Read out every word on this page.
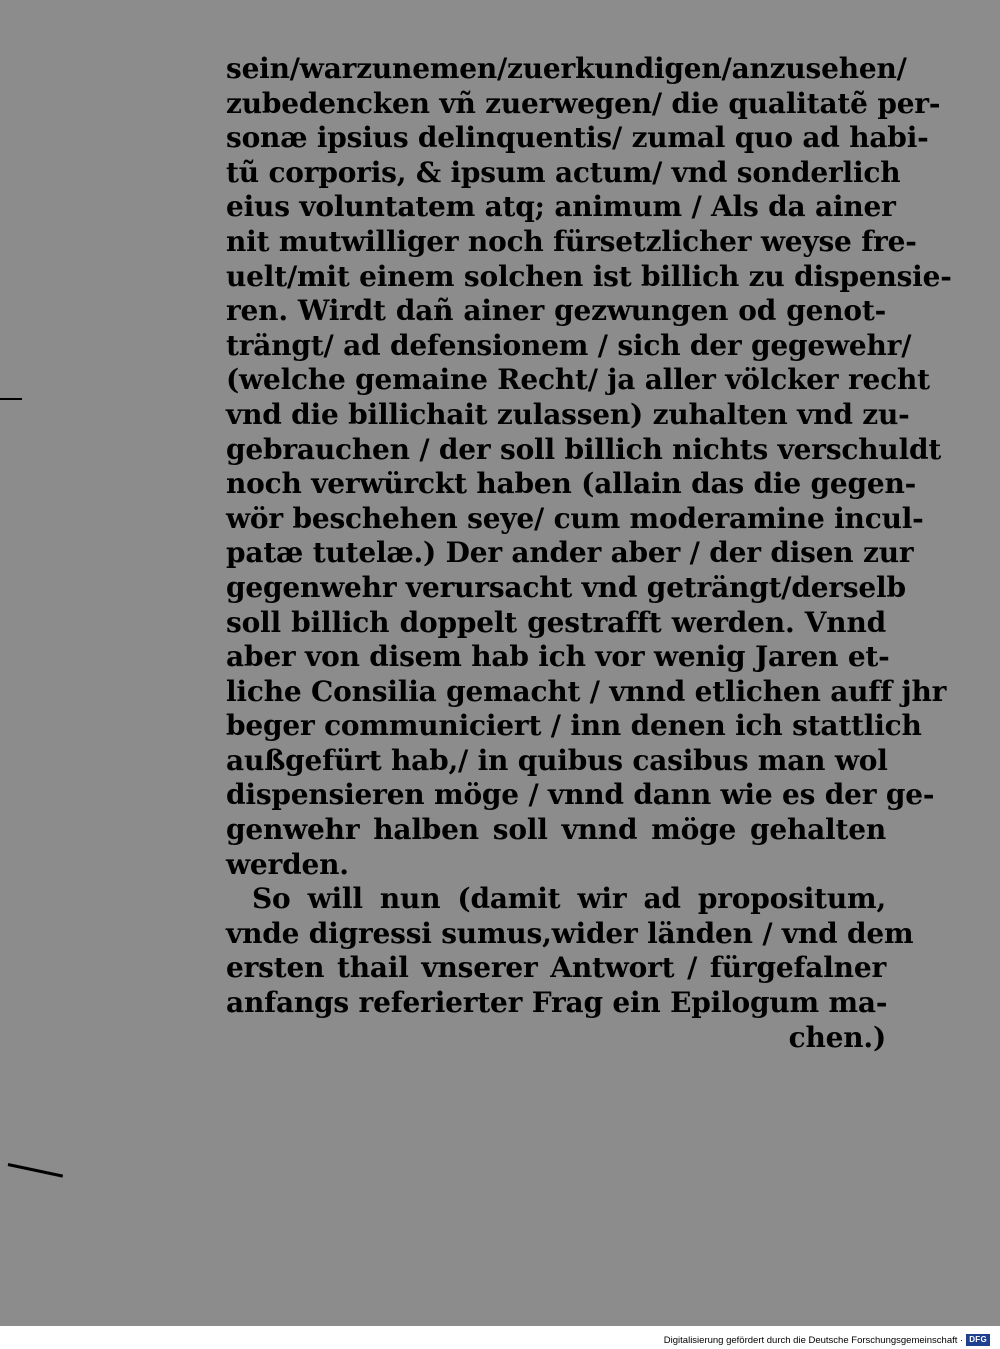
sein/warzunemen/zuerkundigen/anzusehen/
zubedencken vñ zuerwegen/ die qualitatẽ per-
sonæ ipsius delinquentis/ zumal quo ad habi-
tũ corporis, & ipsum actum/ vnd sonderlich
eius voluntatem atq; animum / Als da ainer
nit mutwilliger noch fürsetzlicher weyse fre-
uelt/mit einem solchen ist billich zu dispensie-
ren. Wirdt dañ ainer gezwungen od genot-
trängt/ ad defensionem / sich der gegewehr/
(welche gemaine Recht/ ja aller völcker recht
vnd die billichait zulassen) zuhalten vnd zu-
gebrauchen / der soll billich nichts verschuldt
noch verwürckt haben (allain das die gegen-
wör beschehen seye/ cum moderamine incul-
patæ tutelæ.) Der ander aber / der disen zur
gegenwehr verursacht vnd geträngt/derselb
soll billich doppelt gestrafft werden. Vnnd
aber von disem hab ich vor wenig Jaren et-
liche Consilia gemacht / vnnd etlichen auff jhr
beger communiciert / inn denen ich stattlich
außgefürt hab,/ in quibus casibus man wol
dispensieren möge / vnnd dann wie es der ge-
genwehr halben soll vnnd möge gehalten
werden.
So will nun (damit wir ad propositum,
vnde digressi sumus,wider länden / vnd dem
ersten thail vnserer Antwort / fürgefalner
anfangs referierter Frag ein Epilogum ma-
chen.)
Digitalisierung gefördert durch die Deutsche Forschungsgemeinschaft · DFG
